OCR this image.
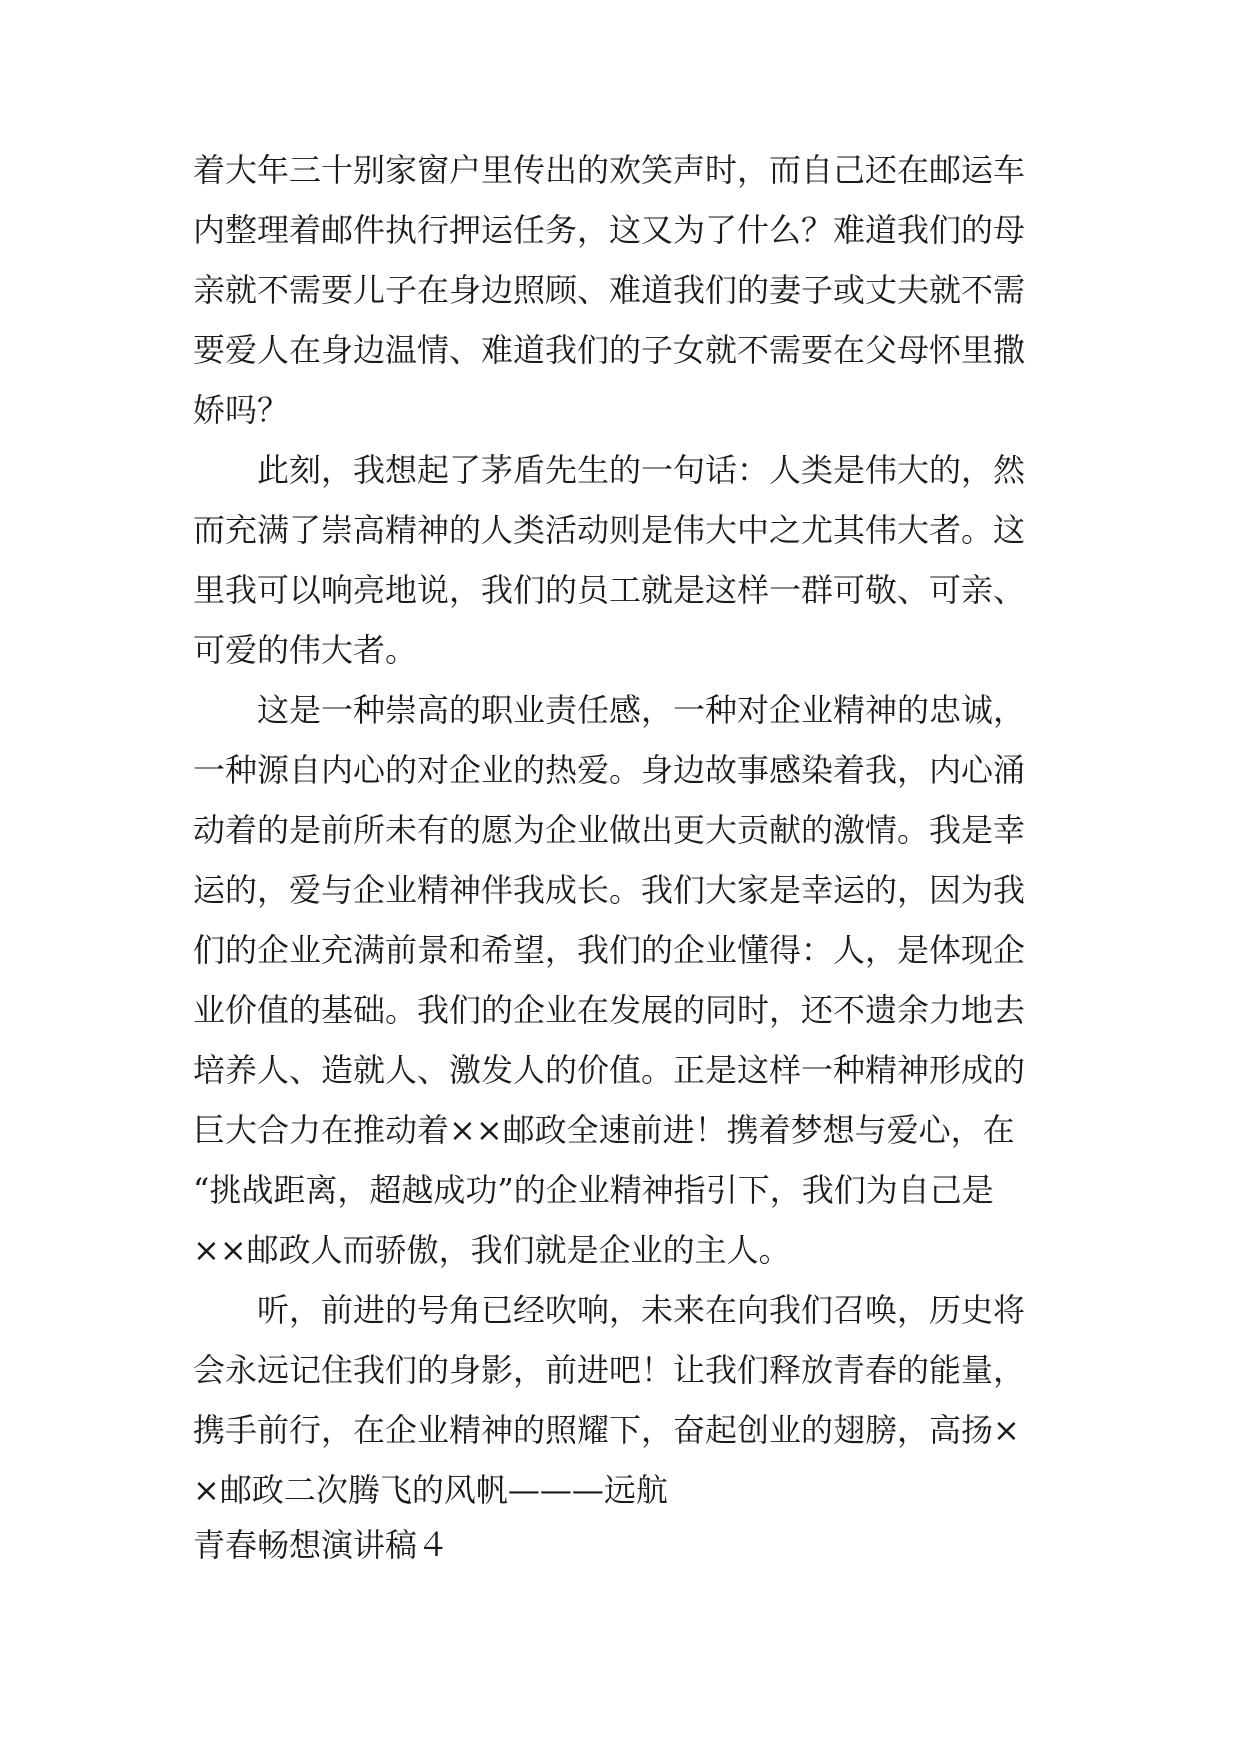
着大年三十别家窗户里传出的欢笑声时，而自己还在邮运车
内整理着邮件执行押运任务，这又为了什么？难道我们的母
亲就不需要儿子在身边照顾、难道我们的妻子或丈夫就不需
要爱人在身边温情、难道我们的子女就不需要在父母怀里撒
娇吗？
　　此刻，我想起了茅盾先生的一句话：人类是伟大的，然
而充满了崇高精神的人类活动则是伟大中之尤其伟大者。这
里我可以响亮地说，我们的员工就是这样一群可敬、可亲、
可爱的伟大者。
　　这是一种崇高的职业责任感，一种对企业精神的忠诚，
一种源自内心的对企业的热爱。身边故事感染着我，内心涌
动着的是前所未有的愿为企业做出更大贡献的激情。我是幸
运的，爱与企业精神伴我成长。我们大家是幸运的，因为我
们的企业充满前景和希望，我们的企业懂得：人，是体现企
业价值的基础。我们的企业在发展的同时，还不遗余力地去
培养人、造就人、激发人的价值。正是这样一种精神形成的
巨大合力在推动着××邮政全速前进！携着梦想与爱心，在
“挑战距离，超越成功”的企业精神指引下，我们为自己是
××邮政人而骄傲，我们就是企业的主人。
　　听，前进的号角已经吹响，未来在向我们召唤，历史将
会永远记住我们的身影，前进吧！让我们释放青春的能量，
携手前行，在企业精神的照耀下，奋起创业的翅膀，高扬×
×邮政二次腾飞的风帆———远航
青春畅想演讲稿４
